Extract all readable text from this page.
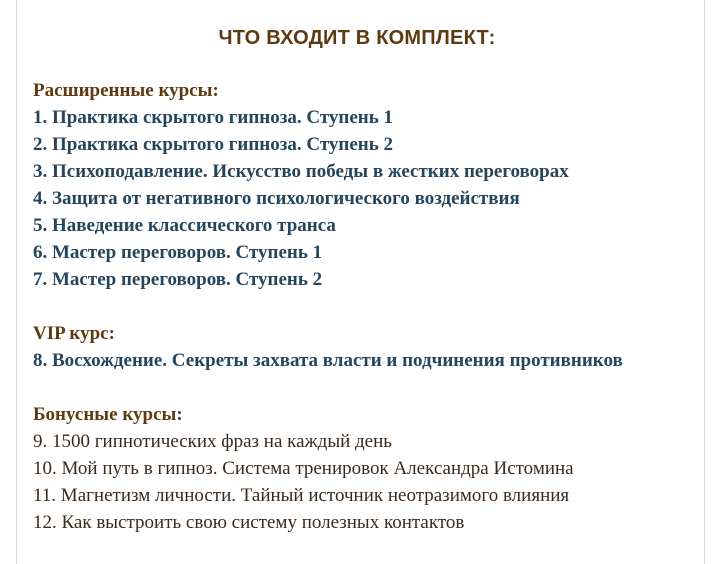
ЧТО ВХОДИТ В КОМПЛЕКТ:
Расширенные курсы:
1. Практика скрытого гипноза. Ступень 1
2. Практика скрытого гипноза. Ступень 2
3. Психоподавление. Искусство победы в жестких переговорах
4. Защита от негативного психологического воздействия
5. Наведение классического транса
6. Мастер переговоров. Ступень 1
7. Мастер переговоров. Ступень 2
VIP курс:
8. Восхождение. Секреты захвата власти и подчинения противников
Бонусные курсы:
9. 1500 гипнотических фраз на каждый день
10. Мой путь в гипноз. Система тренировок Александра Истомина
11. Магнетизм личности. Тайный источник неотразимого влияния
12. Как выстроить свою систему полезных контактов
